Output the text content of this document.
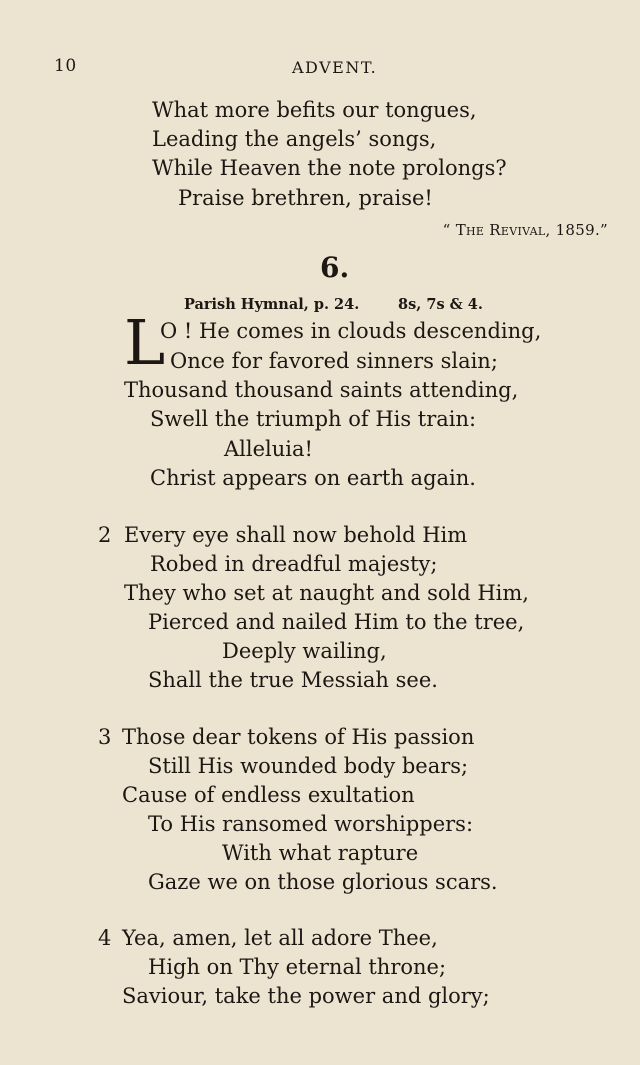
10	ADVENT.
What more befits our tongues,
Leading the angels’ songs,
While Heaven the note prolongs?
Praise brethren, praise!
“ The Revival, 1859.”
6.
Parish Hymnal, p. 24.	8s, 7s & 4.
L
O ! He comes in clouds descending,
Once for favored sinners slain;
Thousand thousand saints attending,
Swell the triumph of His train:
Alleluia!
Christ appears on earth again.
2 Every eye shall now behold Him
Robed in dreadful majesty;
They who set at naught and sold Him,
Pierced and nailed Him to the tree,
Deeply wailing,
Shall the true Messiah see.
3 Those dear tokens of His passion
Still His wounded body bears;
Cause of endless exultation
To His ransomed worshippers:
With what rapture
Gaze we on those glorious scars.
4 Yea, amen, let all adore Thee,
High on Thy eternal throne;
Saviour, take the power and glory;
